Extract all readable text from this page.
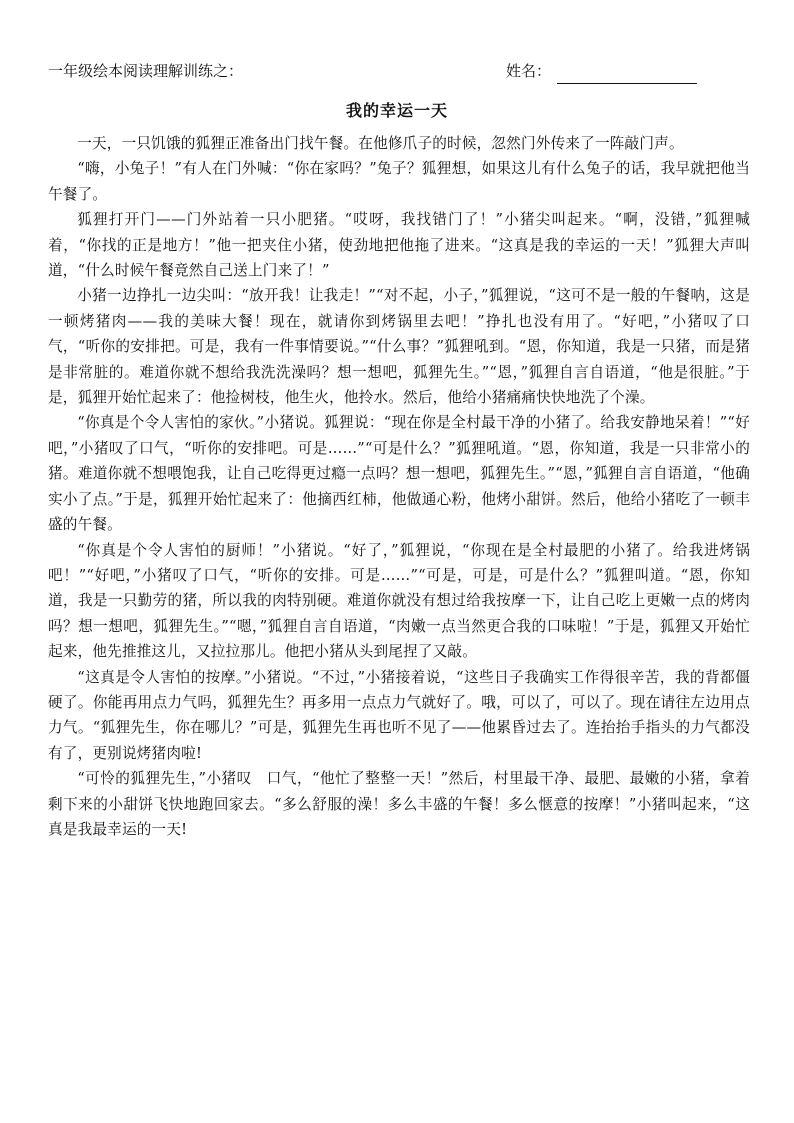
一年级绘本阅读理解训练之：	姓名：
我的幸运一天

一天，一只饥饿的狐狸正准备出门找午餐。在他修爪子的时候，忽然门外传来了一阵敲门声。

“嗨，小兔子！”有人在门外喊：“你在家吗？”兔子？狐狸想，如果这儿有什么兔子的话，我早就把他当午餐了。

狐狸打开门——门外站着一只小肥猪。“哎呀，我找错门了！”小猪尖叫起来。“啊，没错，”狐狸喊着，“你找的正是地方！”他一把夹住小猪，使劲地把他拖了进来。“这真是我的幸运的一天！”狐狸大声叫道，“什么时候午餐竟然自己送上门来了！”

小猪一边挣扎一边尖叫：“放开我！让我走！”“对不起，小子，”狐狸说，“这可不是一般的午餐呐，这是一顿烤猪肉——我的美味大餐！现在，就请你到烤锅里去吧！”挣扎也没有用了。“好吧，”小猪叹了口气，“听你的安排把。可是，我有一件事情要说。”“什么事？”狐狸吼到。“恩，你知道，我是一只猪，而是猪是非常脏的。难道你就不想给我洗洗澡吗？想一想吧，狐狸先生。”“恩，”狐狸自言自语道，“他是很脏。”于是，狐狸开始忙起来了：他捡树枝，他生火，他拎水。然后，他给小猪痛痛快快地洗了个澡。

“你真是个令人害怕的家伙。”小猪说。狐狸说：“现在你是全村最干净的小猪了。给我安静地呆着！”“好吧，”小猪叹了口气，“听你的安排吧。可是……”“可是什么？”狐狸吼道。“恩，你知道，我是一只非常小的猪。难道你就不想喂饱我，让自己吃得更过瘾一点吗？想一想吧，狐狸先生。”“恩，”狐狸自言自语道，“他确实小了点。”于是，狐狸开始忙起来了：他摘西红柿，他做通心粉，他烤小甜饼。然后，他给小猪吃了一顿丰盛的午餐。

“你真是个令人害怕的厨师！”小猪说。“好了，”狐狸说，“你现在是全村最肥的小猪了。给我进烤锅吧！”“好吧，”小猪叹了口气，“听你的安排。可是……”“可是，可是，可是什么？”狐狸叫道。“恩，你知道，我是一只勤劳的猪，所以我的肉特别硬。难道你就没有想过给我按摩一下，让自己吃上更嫩一点的烤肉吗？想一想吧，狐狸先生。”“嗯，”狐狸自言自语道，“肉嫩一点当然更合我的口味啦！”于是，狐狸又开始忙起来，他先推推这儿，又拉拉那儿。他把小猪从头到尾捏了又敲。

“这真是令人害怕的按摩。”小猪说。“不过，”小猪接着说，“这些日子我确实工作得很辛苦，我的背都僵硬了。你能再用点力气吗，狐狸先生？再多用一点点力气就好了。哦，可以了，可以了。现在请往左边用点力气。“狐狸先生，你在哪儿？”可是，狐狸先生再也听不见了——他累昏过去了。连抬抬手指头的力气都没有了，更别说烤猪肉啦!

“可怜的狐狸先生，”小猪叹　口气，“他忙了整整一天！”然后，村里最干净、最肥、最嫩的小猪，拿着剩下来的小甜饼飞快地跑回家去。“多么舒服的澡！多么丰盛的午餐！多么惬意的按摩！”小猪叫起来，“这真是我最幸运的一天!
